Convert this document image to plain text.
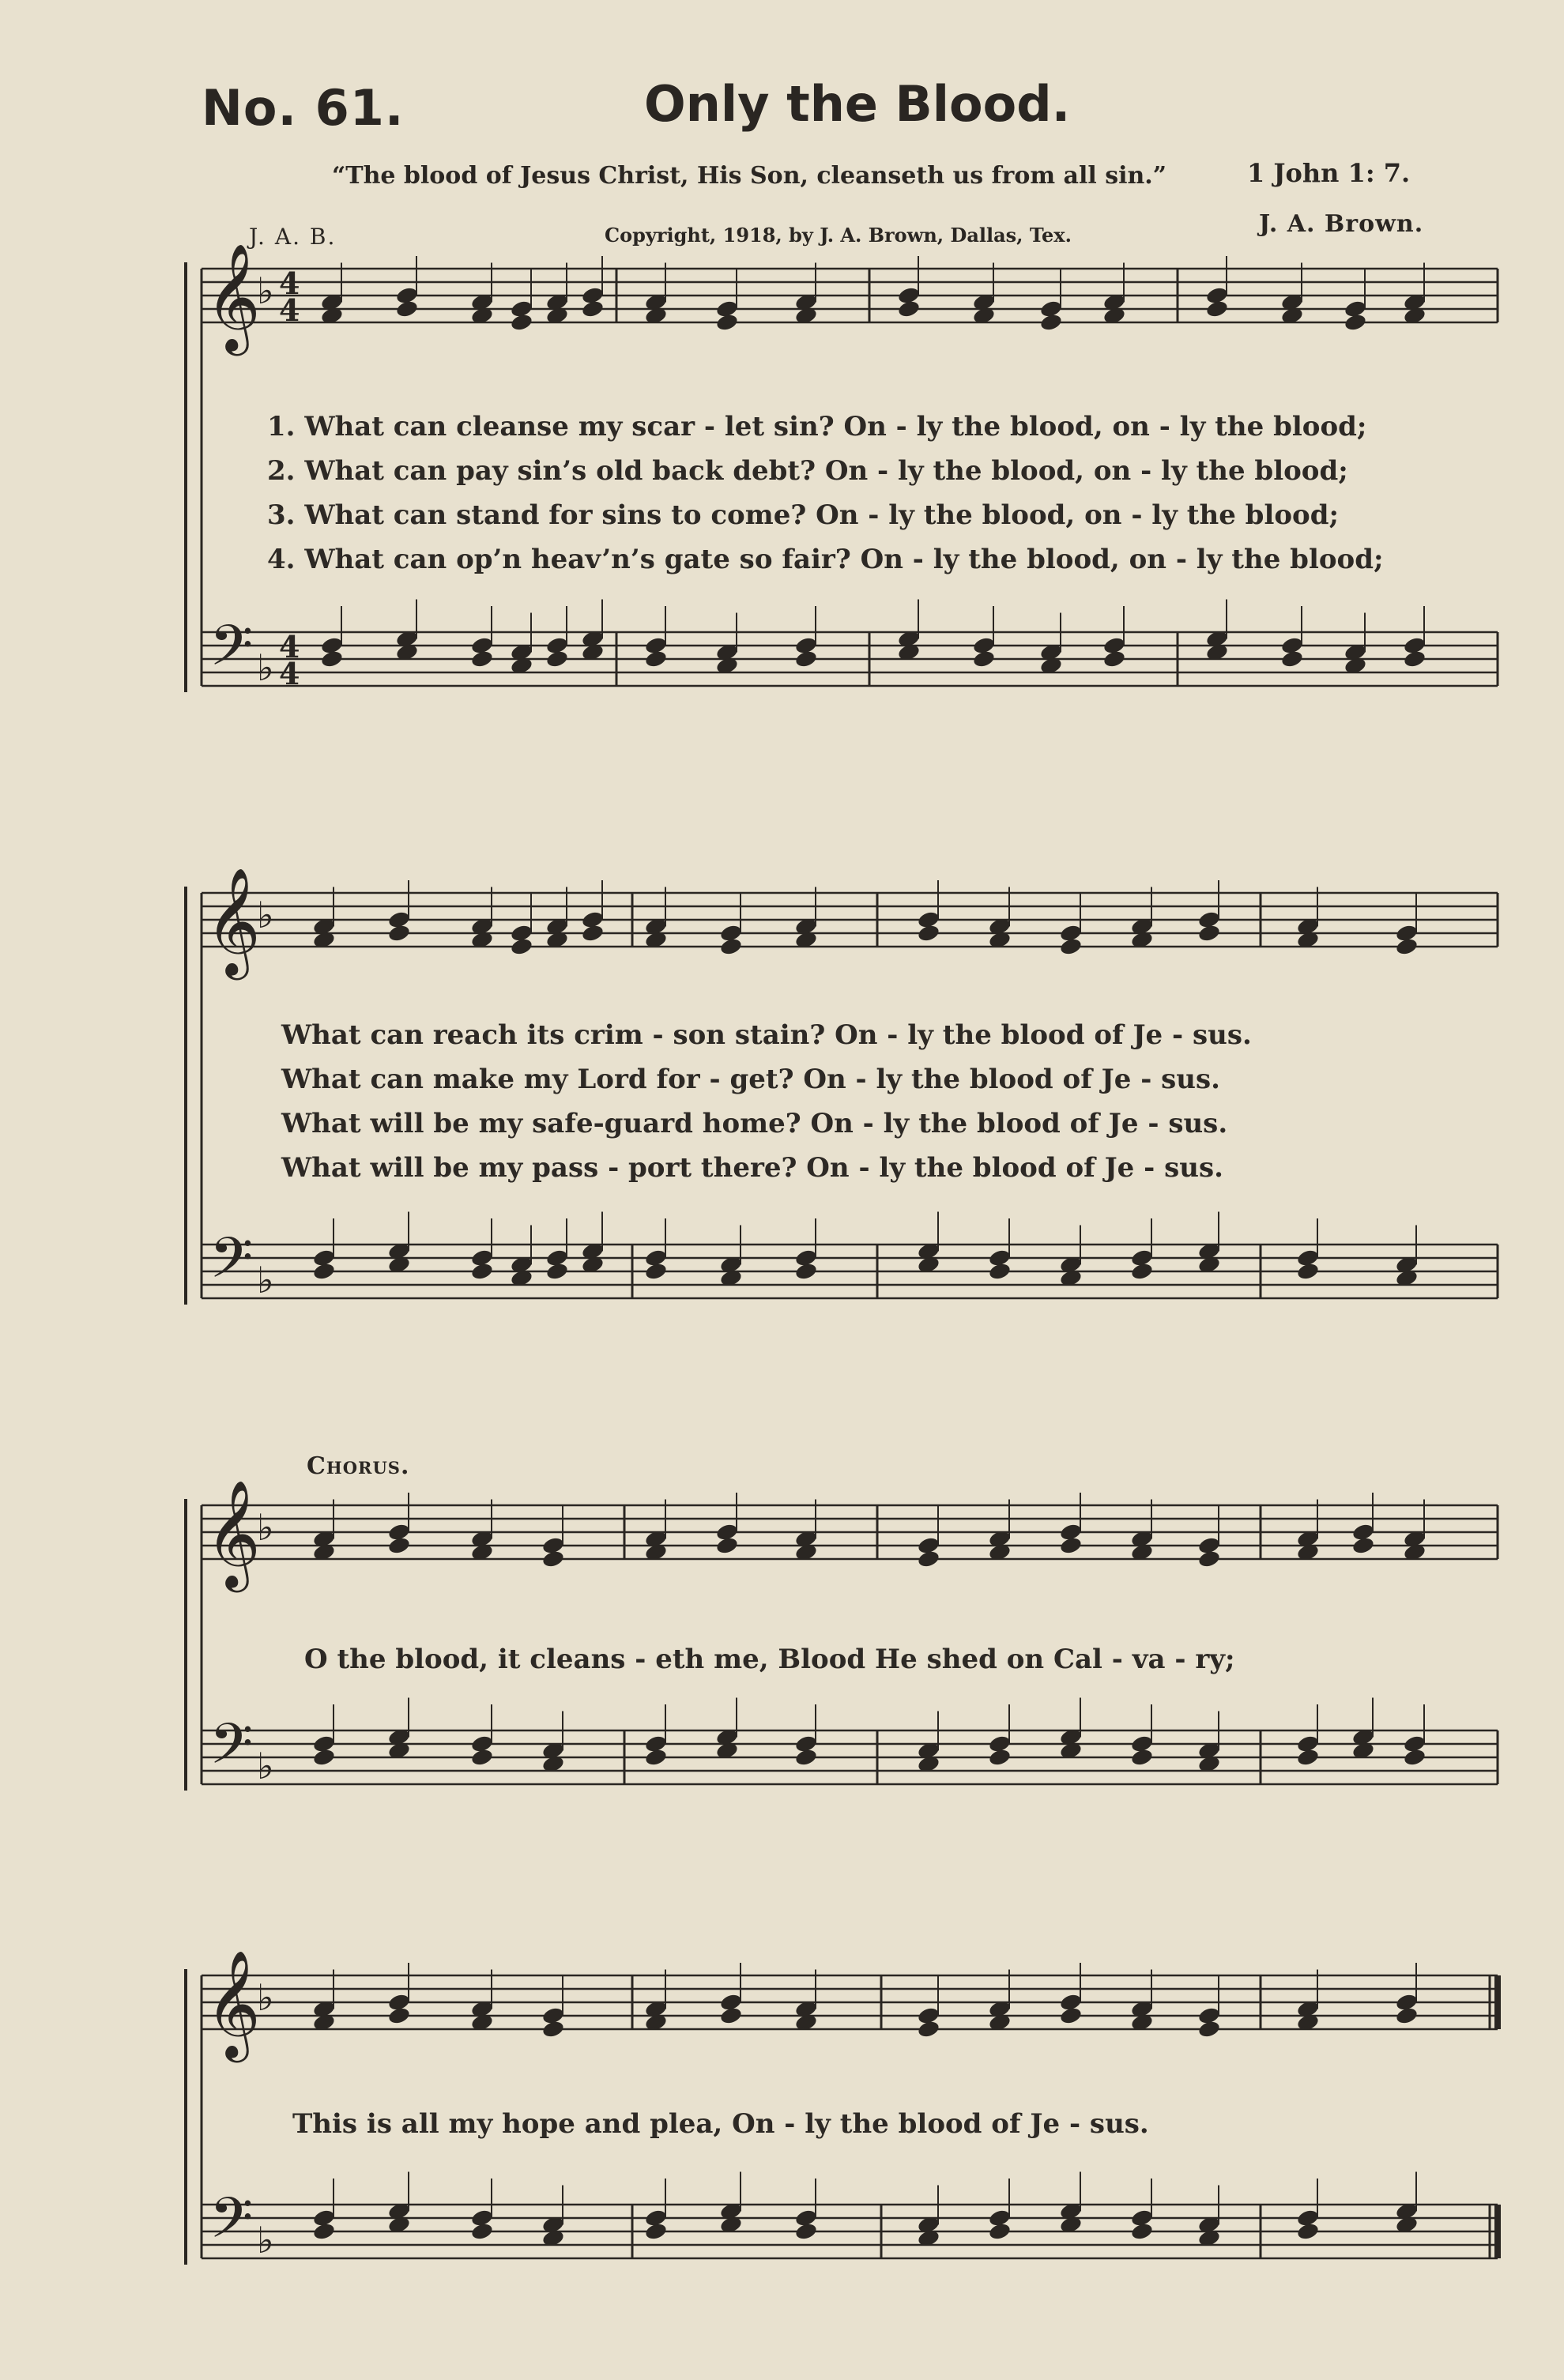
No. 61.	Only the Blood.
“The blood of Jesus Christ, His Son, cleanseth us from all sin.”	1 John 1: 7.
J. A. B.	Copyright, 1918, by J. A. Brown, Dallas, Tex.	J. A. Brown.
𝄞
𝄢
♭
♭
4
4
4
4
𝄞
𝄢
♭
♭
𝄞
𝄢
♭
♭
𝄞
𝄢
♭
♭
1. What can cleanse my scar - let sin? On - ly the blood, on - ly the blood;
2. What can pay sin’s old back debt? On - ly the blood, on - ly the blood;
3. What can stand for sins to come? On - ly the blood, on - ly the blood;
4. What can op’n heav’n’s gate so fair? On - ly the blood, on - ly the blood;
What can reach its crim - son stain? On - ly the blood of Je - sus.
What can make my Lord for - get? On - ly the blood of Je - sus.
What will be my safe-guard home? On - ly the blood of Je - sus.
What will be my pass - port there? On - ly the blood of Je - sus.
Chorus.
O the blood, it cleans - eth me, Blood He shed on Cal - va - ry;
This is all my hope and plea, On - ly the blood of Je - sus.
